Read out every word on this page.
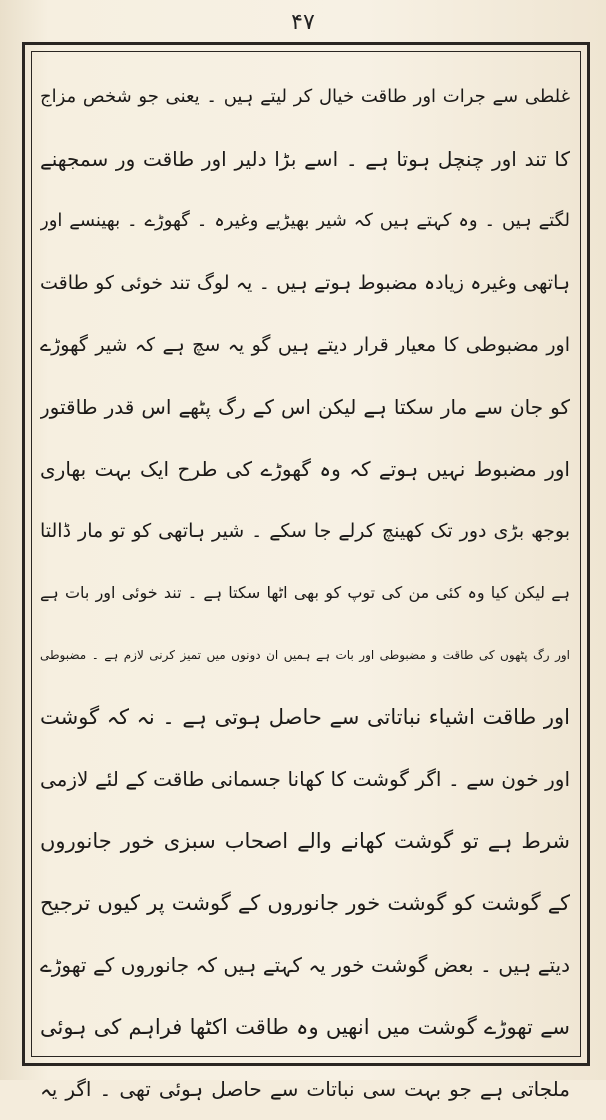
۴۷
غلطی سے جرات اور طاقت خیال کر لیتے ہیں ۔ یعنی جو شخص مزاج
کا تند اور چنچل ہوتا ہے ۔ اسے بڑا دلیر اور طاقت ور سمجھنے
لگتے ہیں ۔ وہ کہتے ہیں کہ شیر بھیڑیے وغیرہ ۔ گھوڑے ۔ بھینسے اور
ہاتھی وغیرہ زیادہ مضبوط ہوتے ہیں ۔ یہ لوگ تند خوئی کو طاقت
اور مضبوطی کا معیار قرار دیتے ہیں گو یہ سچ ہے کہ شیر گھوڑے
کو جان سے مار سکتا ہے لیکن اس کے رگ پٹھے اس قدر طاقتور
اور مضبوط نہیں ہوتے کہ وہ گھوڑے کی طرح ایک بہت بھاری
بوجھ بڑی دور تک کھینچ کرلے جا سکے ۔ شیر ہاتھی کو تو مار ڈالتا
ہے لیکن کیا وہ کئی من کی توپ کو بھی اٹھا سکتا ہے ۔ تند خوئی اور بات ہے
اور رگ پٹھوں کی طاقت و مضبوطی اور بات ہے ہمیں ان دونوں میں تمیز کرنی لازم ہے ۔ مضبوطی
اور طاقت اشیاء نباتاتی سے حاصل ہوتی ہے ۔ نہ کہ گوشت
اور خون سے ۔ اگر گوشت کا کھانا جسمانی طاقت کے لئے لازمی
شرط ہے تو گوشت کھانے والے اصحاب سبزی خور جانوروں
کے گوشت کو گوشت خور جانوروں کے گوشت پر کیوں ترجیح
دیتے ہیں ۔ بعض گوشت خور یہ کہتے ہیں کہ جانوروں کے تھوڑے
سے تھوڑے گوشت میں انھیں وہ طاقت اکٹھا فراہم کی ہوئی
ملجاتی ہے جو بہت سی نباتات سے حاصل ہوئی تھی ۔ اگر یہ
